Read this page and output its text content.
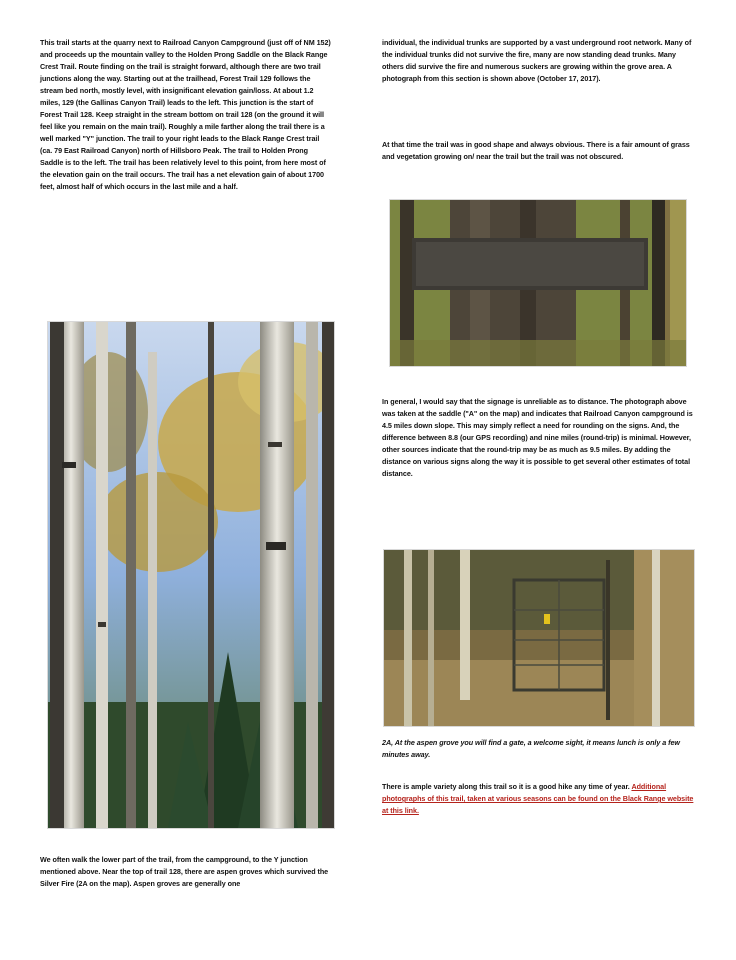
This trail starts at the quarry next to Railroad Canyon Campground (just off of NM 152) and proceeds up the mountain valley to the Holden Prong Saddle on the Black Range Crest Trail. Route finding on the trail is straight forward, although there are two trail junctions along the way. Starting out at the trailhead, Forest Trail 129 follows the stream bed north, mostly level, with insignificant elevation gain/loss. At about 1.2 miles, 129 (the Gallinas Canyon Trail) leads to the left. This junction is the start of Forest Trail 128. Keep straight in the stream bottom on trail 128 (on the ground it will feel like you remain on the main trail). Roughly a mile farther along the trail there is a well marked "Y" junction. The trail to your right leads to the Black Range Crest trail (ca. 79 East Railroad Canyon) north of Hillsboro Peak. The trail to Holden Prong Saddle is to the left. The trail has been relatively level to this point, from here most of the elevation gain on the trail occurs. The trail has a net elevation gain of about 1700 feet, almost half of which occurs in the last mile and a half.

We often walk the lower part of the trail, from the campground, to the Y junction mentioned above. Near the top of trail 128, there are aspen groves which survived the Silver Fire (2A on the map). Aspen groves are generally one

individual, the individual trunks are supported by a vast underground root network. Many of the individual trunks did not survive the fire, many are now standing dead trunks. Many others did survive the fire and numerous suckers are growing within the grove area. A photograph from this section is shown above (October 17, 2017).

At that time the trail was in good shape and always obvious. There is a fair amount of grass and vegetation growing on/ near the trail but the trail was not obscured.

In general, I would say that the signage is unreliable as to distance. The photograph above was taken at the saddle ("A" on the map) and indicates that Railroad Canyon campground is 4.5 miles down slope. This may simply reflect a need for rounding on the signs. And, the difference between 8.8 (our GPS recording) and nine miles (round-trip) is minimal. However, other sources indicate that the round-trip may be as much as 9.5 miles. By adding the distance on various signs along the way it is possible to get several other estimates of total distance.

2A, At the aspen grove you will find a gate, a welcome sight, it means lunch is only a few minutes away.

There is ample variety along this trail so it is a good hike any time of year. Additional photographs of this trail, taken at various seasons can be found on the Black Range website at this link.
